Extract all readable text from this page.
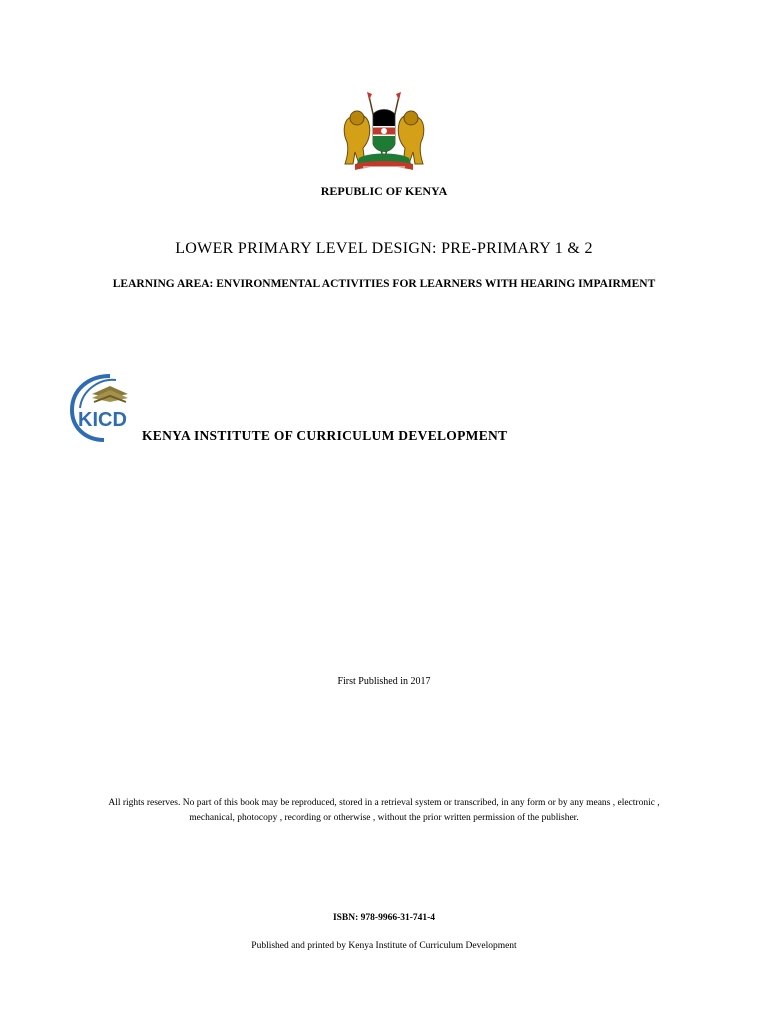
REPUBLIC OF KENYA
LOWER PRIMARY LEVEL DESIGN: PRE-PRIMARY 1 & 2
LEARNING AREA: ENVIRONMENTAL ACTIVITIES FOR LEARNERS WITH HEARING IMPAIRMENT
KICD
KENYA INSTITUTE OF CURRICULUM DEVELOPMENT
First Published in 2017
All rights reserves. No part of this book may be reproduced, stored in a retrieval system or transcribed, in any form or by any means , electronic ,
mechanical, photocopy , recording or otherwise , without the prior written permission of the publisher.
ISBN: 978-9966-31-741-4
Published and printed by Kenya Institute of Curriculum Development
